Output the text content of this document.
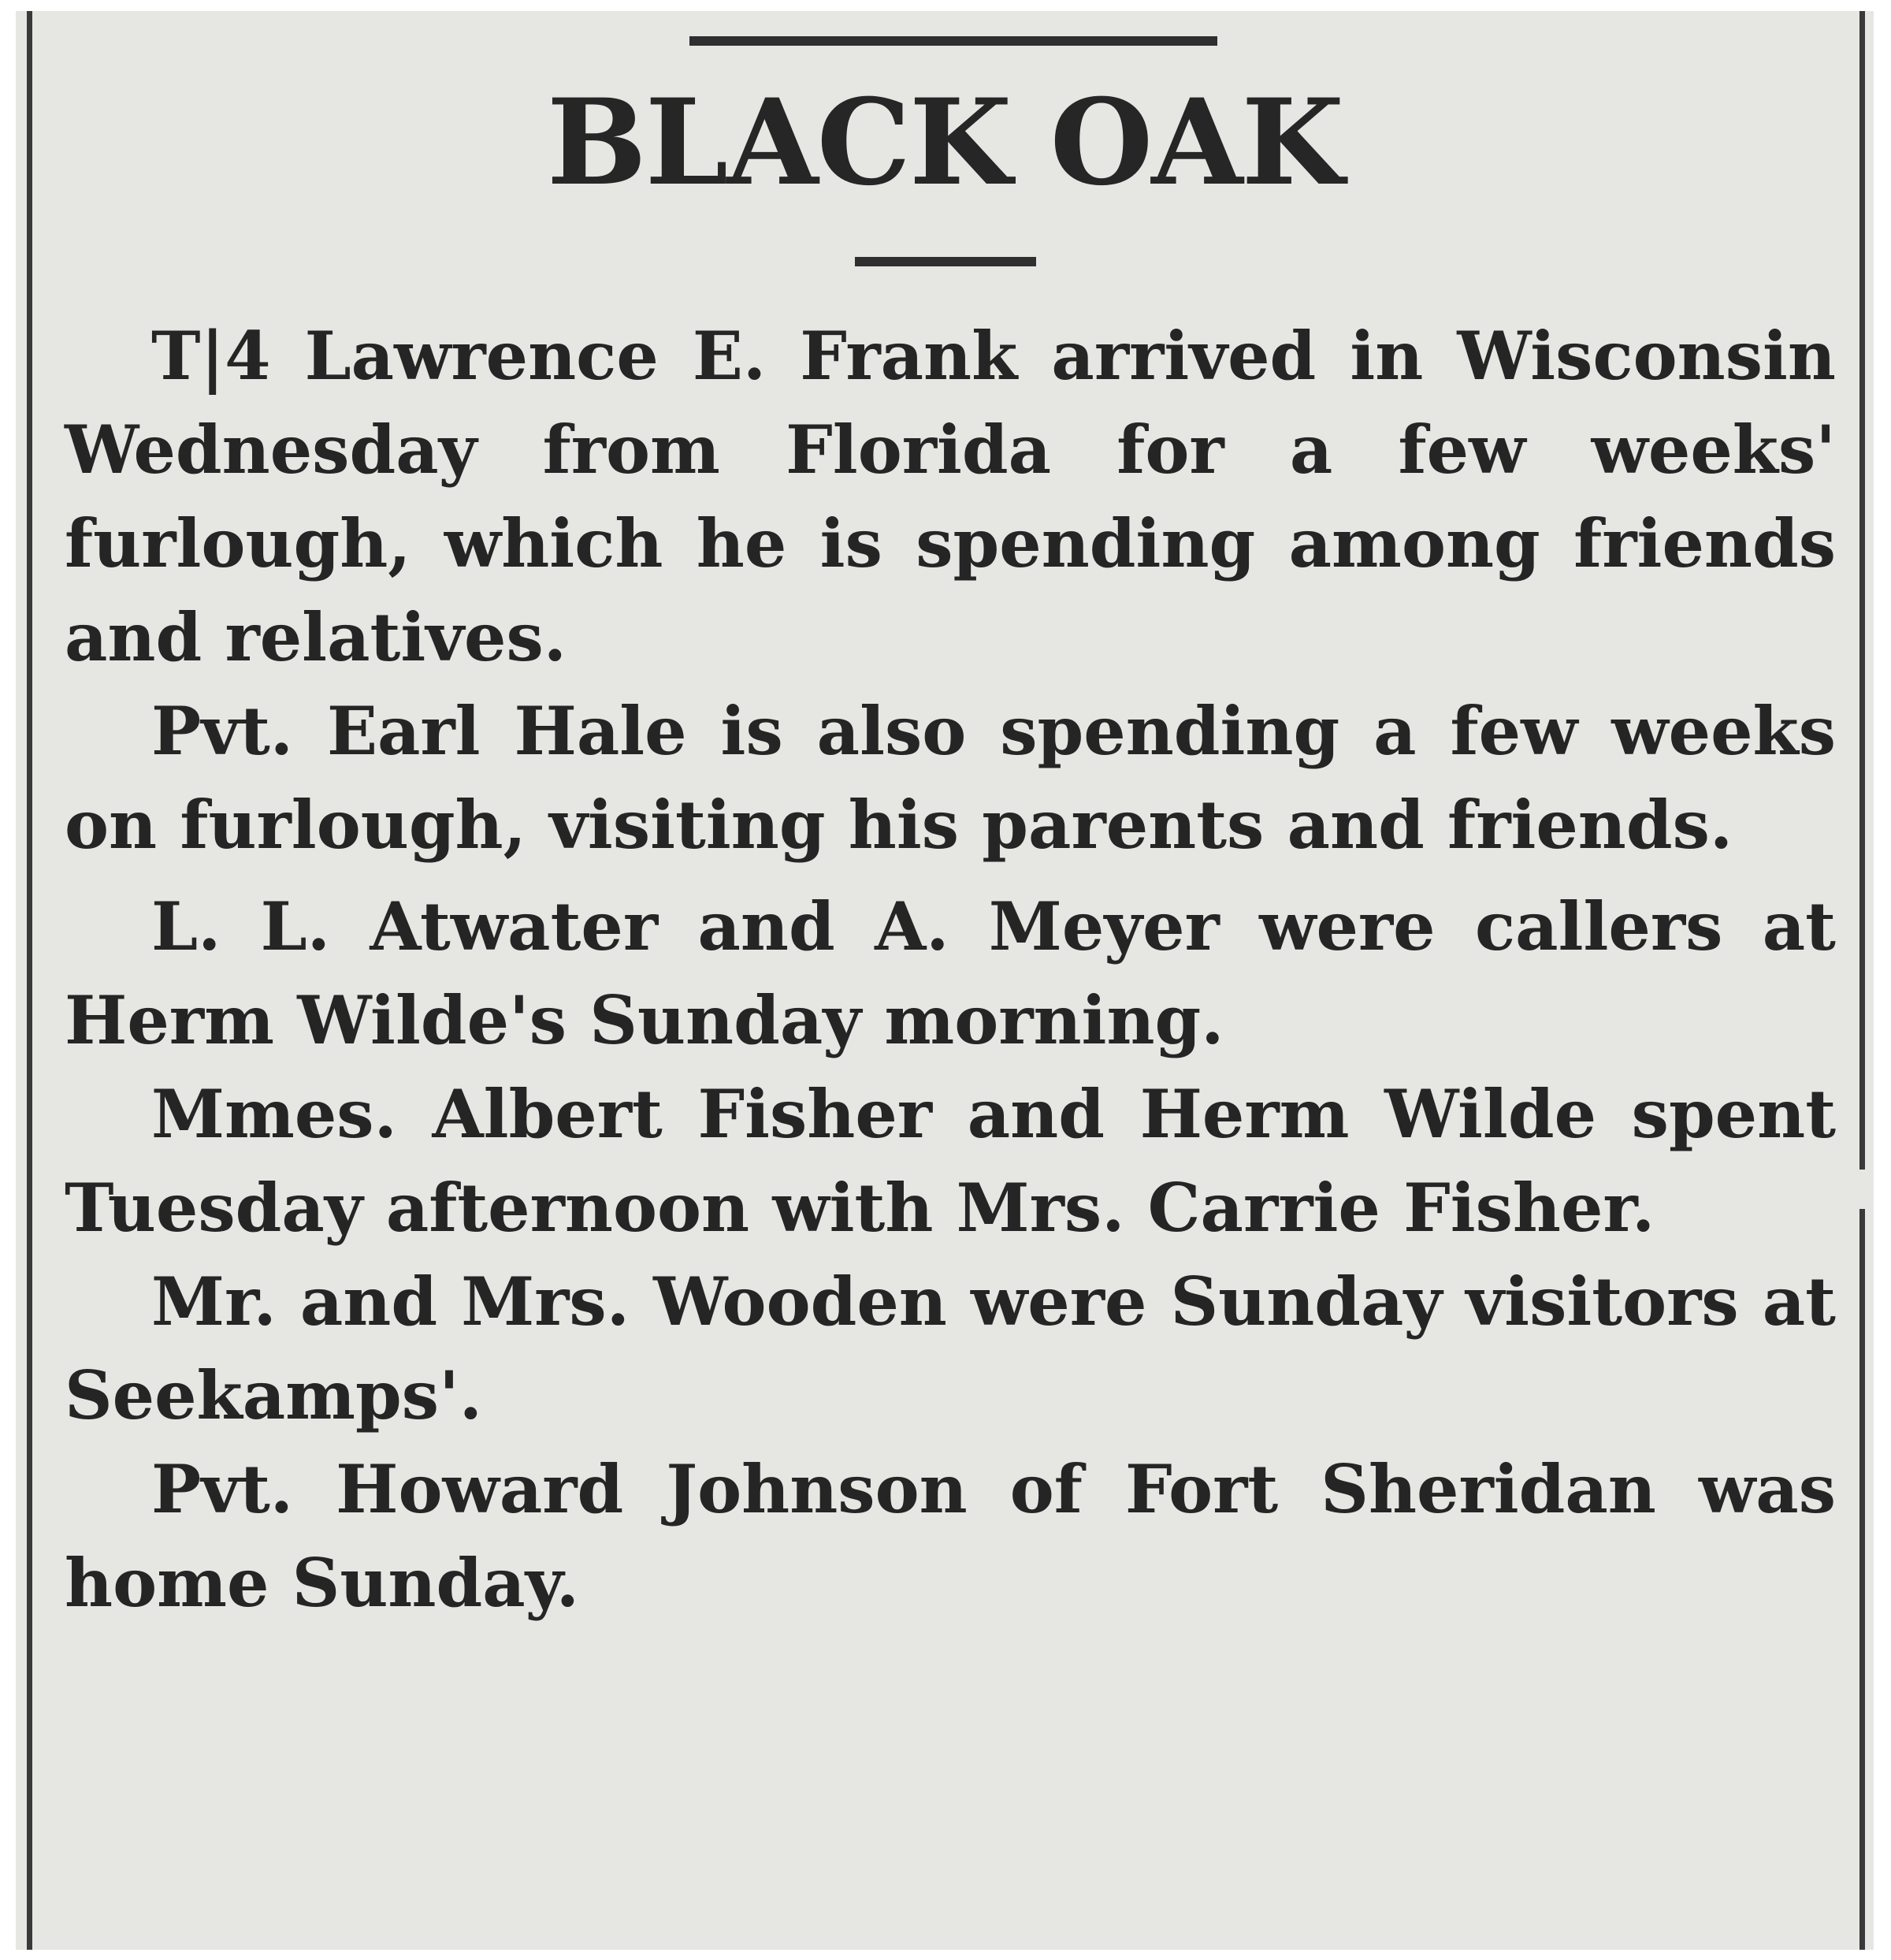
BLACK OAK

T|4 Lawrence E. Frank arrived in Wisconsin Wednesday from Florida for a few weeks' furlough, which he is spending among friends and relatives.

Pvt. Earl Hale is also spending a few weeks on furlough, visiting his parents and friends.

L. L. Atwater and A. Meyer were callers at Herm Wilde's Sunday morning.

Mmes. Albert Fisher and Herm Wilde spent Tuesday afternoon with Mrs. Carrie Fisher.

Mr. and Mrs. Wooden were Sunday visitors at Seekamps'.

Pvt. Howard Johnson of Fort Sheridan was home Sunday.
